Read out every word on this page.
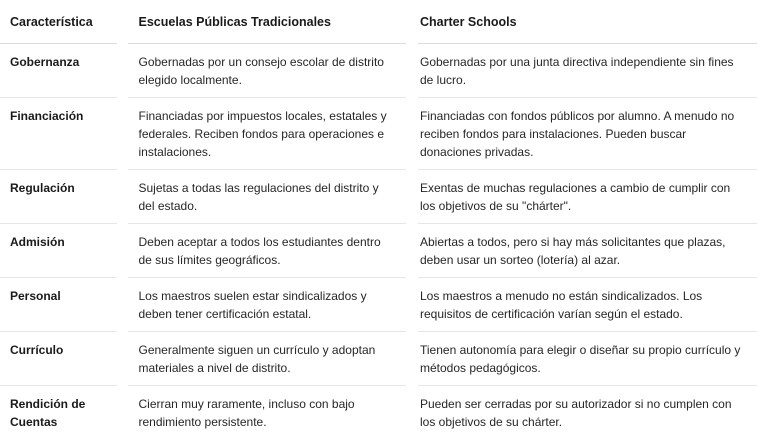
Característica	Escuelas Públicas Tradicionales	Charter Schools
Gobernanza	Gobernadas por un consejo escolar de distrito elegido localmente.	Gobernadas por una junta directiva independiente sin fines de lucro.
Financiación	Financiadas por impuestos locales, estatales y federales. Reciben fondos para operaciones e instalaciones.	Financiadas con fondos públicos por alumno. A menudo no reciben fondos para instalaciones. Pueden buscar donaciones privadas.
Regulación	Sujetas a todas las regulaciones del distrito y del estado.	Exentas de muchas regulaciones a cambio de cumplir con los objetivos de su "chárter".
Admisión	Deben aceptar a todos los estudiantes dentro de sus límites geográficos.	Abiertas a todos, pero si hay más solicitantes que plazas, deben usar un sorteo (lotería) al azar.
Personal	Los maestros suelen estar sindicalizados y deben tener certificación estatal.	Los maestros a menudo no están sindicalizados. Los requisitos de certificación varían según el estado.
Currículo	Generalmente siguen un currículo y adoptan materiales a nivel de distrito.	Tienen autonomía para elegir o diseñar su propio currículo y métodos pedagógicos.
Rendición de Cuentas	Cierran muy raramente, incluso con bajo rendimiento persistente.	Pueden ser cerradas por su autorizador si no cumplen con los objetivos de su chárter.
